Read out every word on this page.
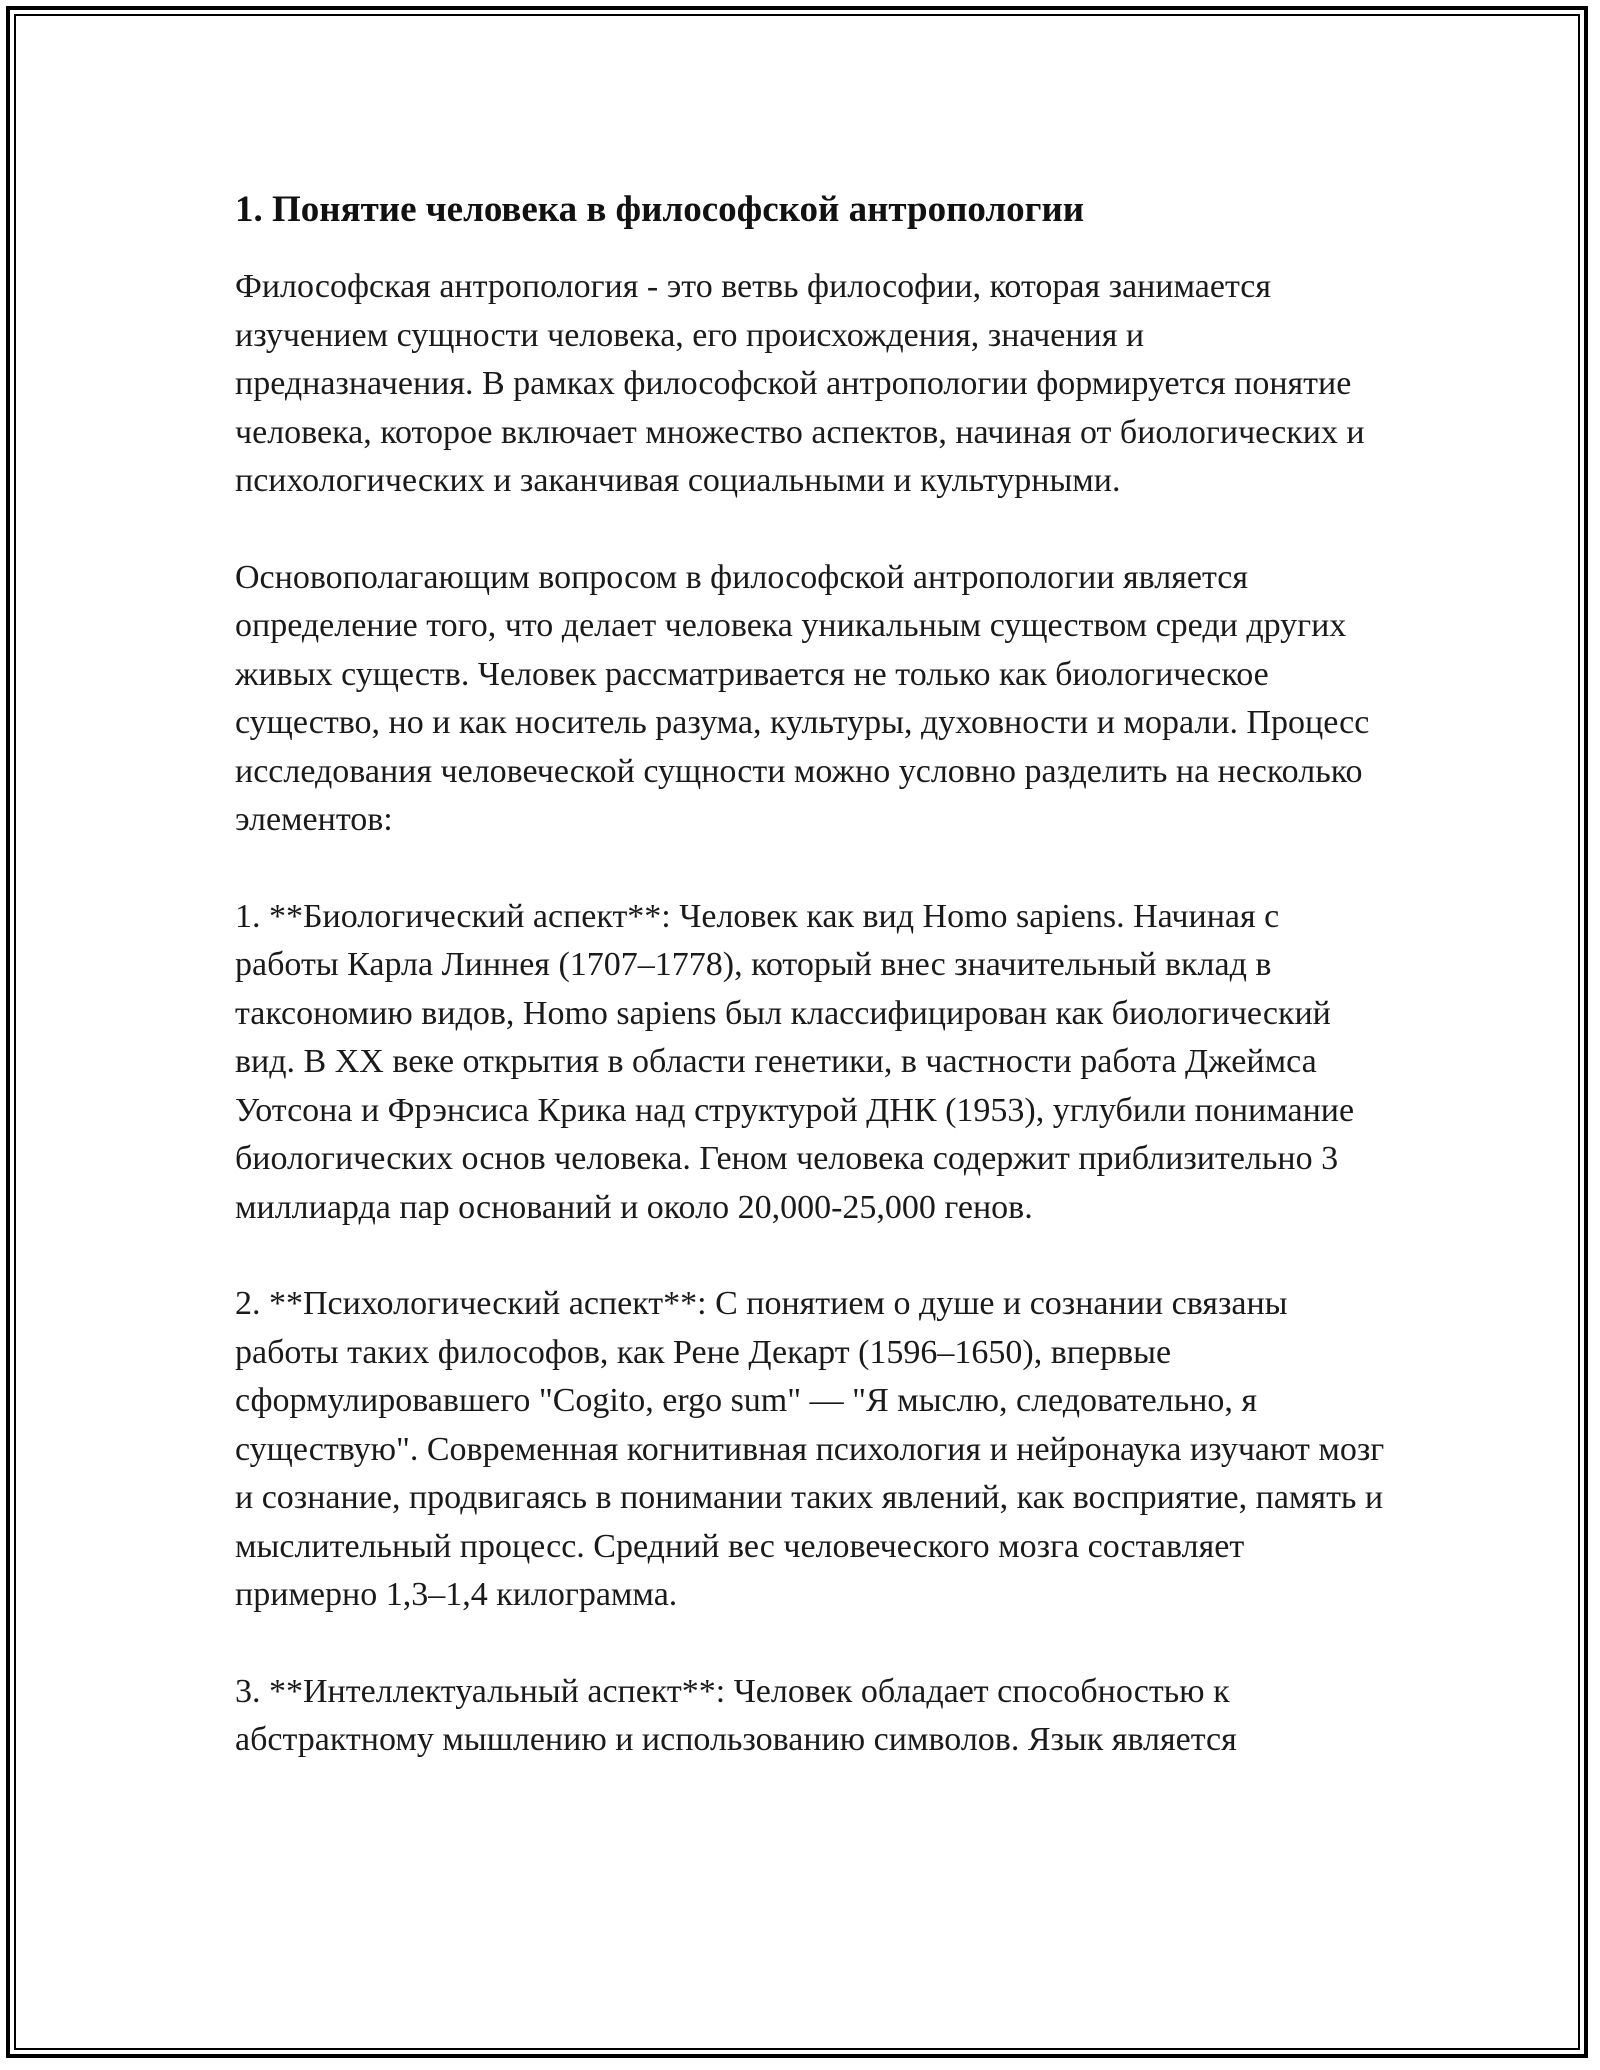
1. Понятие человека в философской антропологии

Философская антропология - это ветвь философии, которая занимается изучением сущности человека, его происхождения, значения и предназначения. В рамках философской антропологии формируется понятие человека, которое включает множество аспектов, начиная от биологических и психологических и заканчивая социальными и культурными.

Основополагающим вопросом в философской антропологии является определение того, что делает человека уникальным существом среди других живых существ. Человек рассматривается не только как биологическое существо, но и как носитель разума, культуры, духовности и морали. Процесс исследования человеческой сущности можно условно разделить на несколько элементов:

1. **Биологический аспект**: Человек как вид Homo sapiens. Начиная с работы Карла Линнея (1707–1778), который внес значительный вклад в таксономию видов, Homo sapiens был классифицирован как биологический вид. В XX веке открытия в области генетики, в частности работа Джеймса Уотсона и Фрэнсиса Крика над структурой ДНК (1953), углубили понимание биологических основ человека. Геном человека содержит приблизительно 3 миллиарда пар оснований и около 20,000-25,000 генов.

2. **Психологический аспект**: С понятием о душе и сознании связаны работы таких философов, как Рене Декарт (1596–1650), впервые сформулировавшего "Cogito, ergo sum" — "Я мыслю, следовательно, я существую". Современная когнитивная психология и нейронаука изучают мозг и сознание, продвигаясь в понимании таких явлений, как восприятие, память и мыслительный процесс. Средний вес человеческого мозга составляет примерно 1,3–1,4 килограмма.

3. **Интеллектуальный аспект**: Человек обладает способностью к абстрактному мышлению и использованию символов. Язык является
